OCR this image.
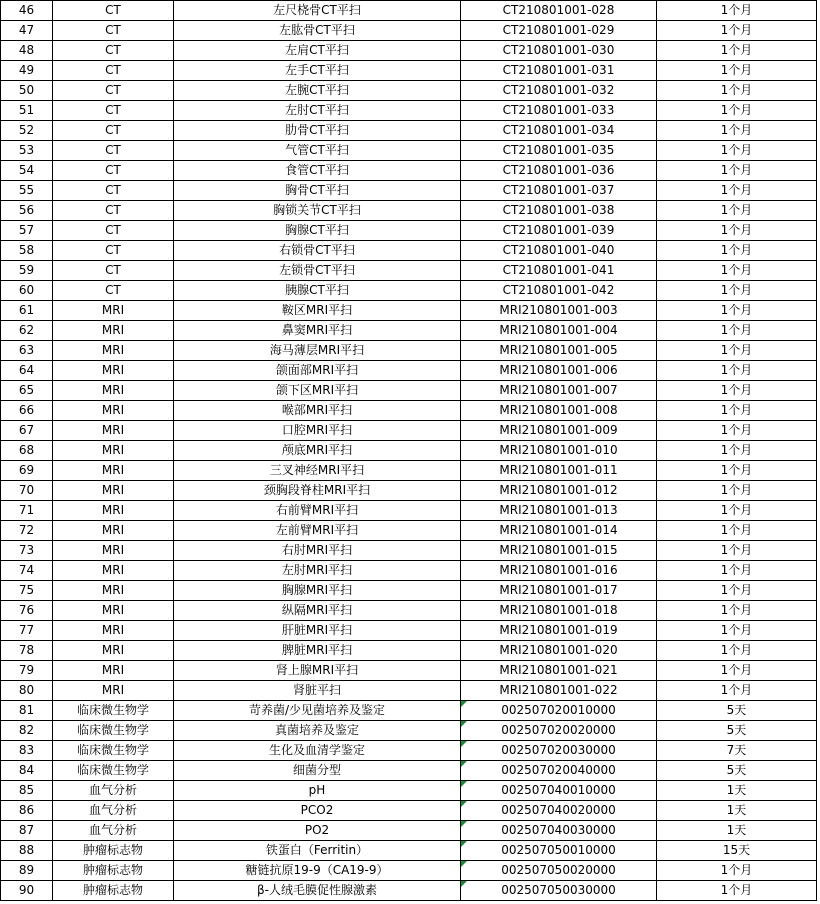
46	CT	左尺桡骨CT平扫	CT210801001-028	1个月
47	CT	左肱骨CT平扫	CT210801001-029	1个月
48	CT	左肩CT平扫	CT210801001-030	1个月
49	CT	左手CT平扫	CT210801001-031	1个月
50	CT	左腕CT平扫	CT210801001-032	1个月
51	CT	左肘CT平扫	CT210801001-033	1个月
52	CT	肋骨CT平扫	CT210801001-034	1个月
53	CT	气管CT平扫	CT210801001-035	1个月
54	CT	食管CT平扫	CT210801001-036	1个月
55	CT	胸骨CT平扫	CT210801001-037	1个月
56	CT	胸锁关节CT平扫	CT210801001-038	1个月
57	CT	胸腺CT平扫	CT210801001-039	1个月
58	CT	右锁骨CT平扫	CT210801001-040	1个月
59	CT	左锁骨CT平扫	CT210801001-041	1个月
60	CT	胰腺CT平扫	CT210801001-042	1个月
61	MRI	鞍区MRI平扫	MRI210801001-003	1个月
62	MRI	鼻窦MRI平扫	MRI210801001-004	1个月
63	MRI	海马薄层MRI平扫	MRI210801001-005	1个月
64	MRI	颌面部MRI平扫	MRI210801001-006	1个月
65	MRI	颌下区MRI平扫	MRI210801001-007	1个月
66	MRI	喉部MRI平扫	MRI210801001-008	1个月
67	MRI	口腔MRI平扫	MRI210801001-009	1个月
68	MRI	颅底MRI平扫	MRI210801001-010	1个月
69	MRI	三叉神经MRI平扫	MRI210801001-011	1个月
70	MRI	颈胸段脊柱MRI平扫	MRI210801001-012	1个月
71	MRI	右前臂MRI平扫	MRI210801001-013	1个月
72	MRI	左前臂MRI平扫	MRI210801001-014	1个月
73	MRI	右肘MRI平扫	MRI210801001-015	1个月
74	MRI	左肘MRI平扫	MRI210801001-016	1个月
75	MRI	胸腺MRI平扫	MRI210801001-017	1个月
76	MRI	纵隔MRI平扫	MRI210801001-018	1个月
77	MRI	肝脏MRI平扫	MRI210801001-019	1个月
78	MRI	脾脏MRI平扫	MRI210801001-020	1个月
79	MRI	肾上腺MRI平扫	MRI210801001-021	1个月
80	MRI	肾脏平扫	MRI210801001-022	1个月
81	临床微生物学	苛养菌/少见菌培养及鉴定	002507020010000	5天
82	临床微生物学	真菌培养及鉴定	002507020020000	5天
83	临床微生物学	生化及血清学鉴定	002507020030000	7天
84	临床微生物学	细菌分型	002507020040000	5天
85	血气分析	pH	002507040010000	1天
86	血气分析	PCO2	002507040020000	1天
87	血气分析	PO2	002507040030000	1天
88	肿瘤标志物	铁蛋白（Ferritin）	002507050010000	15天
89	肿瘤标志物	糖链抗原19-9（CA19-9）	002507050020000	1个月
90	肿瘤标志物	β-人绒毛膜促性腺激素	002507050030000	1个月
